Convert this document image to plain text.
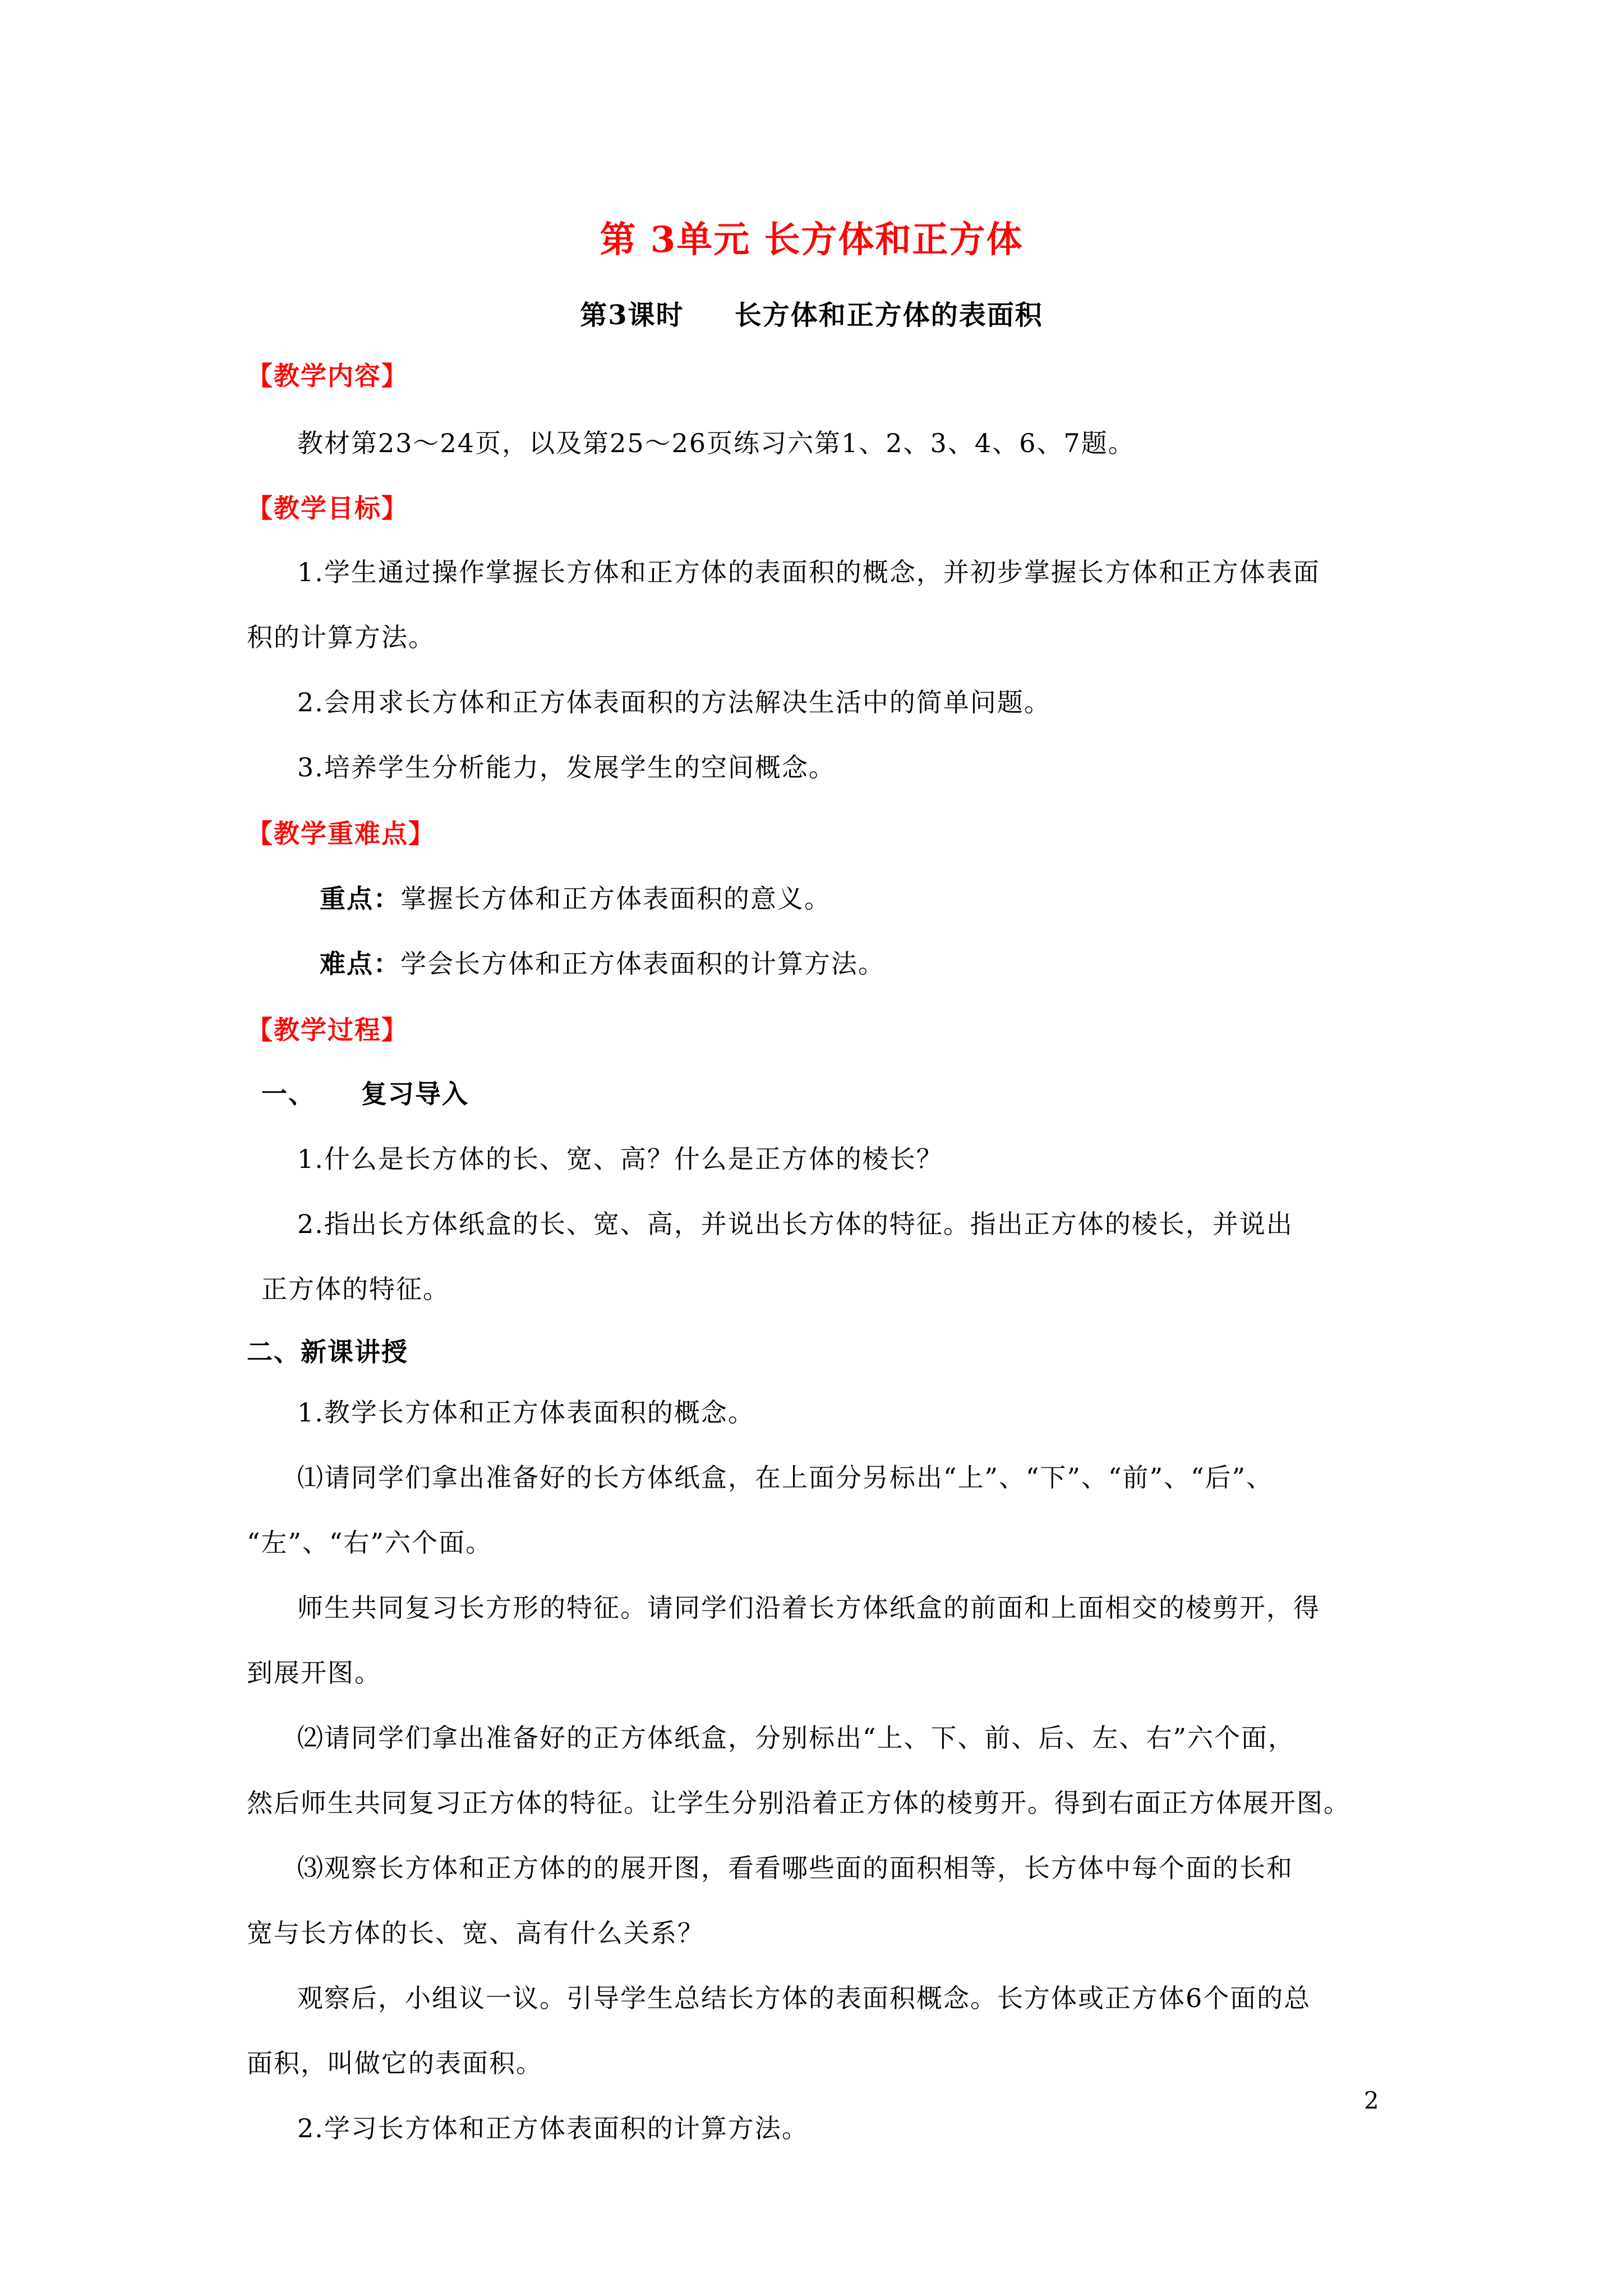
第 3单元 长方体和正方体
第3课时 长方体和正方体的表面积
【教学内容】
教材第23～24页，以及第25～26页练习六第1、2、3、4、6、7题。
【教学目标】
1.学生通过操作掌握长方体和正方体的表面积的概念，并初步掌握长方体和正方体表面
积的计算方法。
2.会用求长方体和正方体表面积的方法解决生活中的简单问题。
3.培养学生分析能力，发展学生的空间概念。
【教学重难点】
重点：掌握长方体和正方体表面积的意义。
难点：学会长方体和正方体表面积的计算方法。
【教学过程】
一、 复习导入
1.什么是长方体的长、宽、高？什么是正方体的棱长？
2.指出长方体纸盒的长、宽、高，并说出长方体的特征。指出正方体的棱长，并说出
正方体的特征。
二、新课讲授
1.教学长方体和正方体表面积的概念。
⑴请同学们拿出准备好的长方体纸盒，在上面分另标出“上”、“下”、“前”、“后”、
“左”、“右”六个面。
师生共同复习长方形的特征。请同学们沿着长方体纸盒的前面和上面相交的棱剪开，得
到展开图。
⑵请同学们拿出准备好的正方体纸盒，分别标出“上、下、前、后、左、右”六个面，
然后师生共同复习正方体的特征。让学生分别沿着正方体的棱剪开。得到右面正方体展开图。
⑶观察长方体和正方体的的展开图，看看哪些面的面积相等，长方体中每个面的长和
宽与长方体的长、宽、高有什么关系？
观察后，小组议一议。引导学生总结长方体的表面积概念。长方体或正方体6个面的总
面积，叫做它的表面积。
2.学习长方体和正方体表面积的计算方法。
2
